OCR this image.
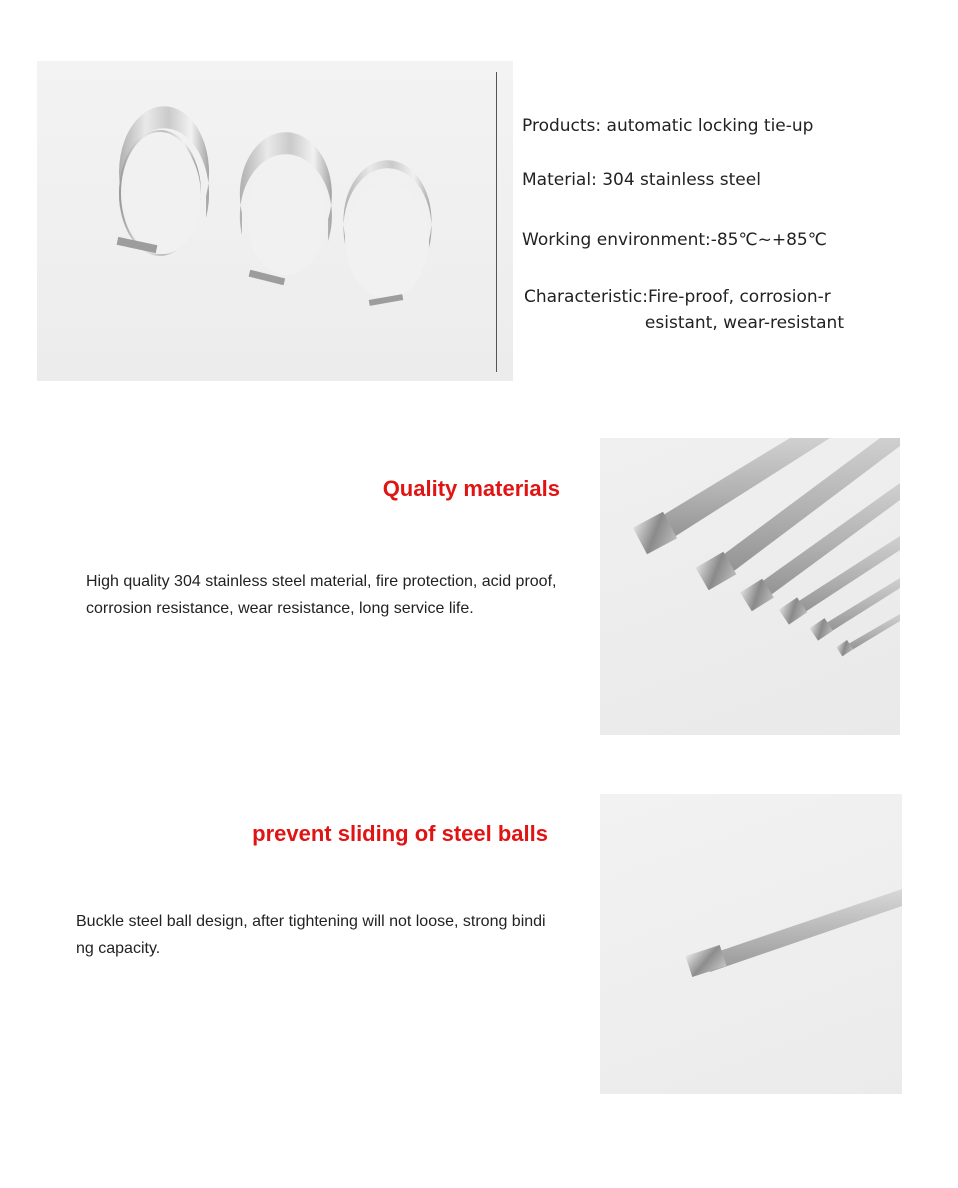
Products: automatic locking tie-up
Material: 304 stainless steel
Working environment:-85℃~+85℃
Characteristic:Fire-proof, corrosion-r
esistant, wear-resistant
Quality materials
High quality 304 stainless steel material, fire protection, acid proof, corrosion resistance, wear resistance, long service life.
prevent sliding of steel balls
Buckle steel ball design, after tightening will not loose, strong binding capacity.
